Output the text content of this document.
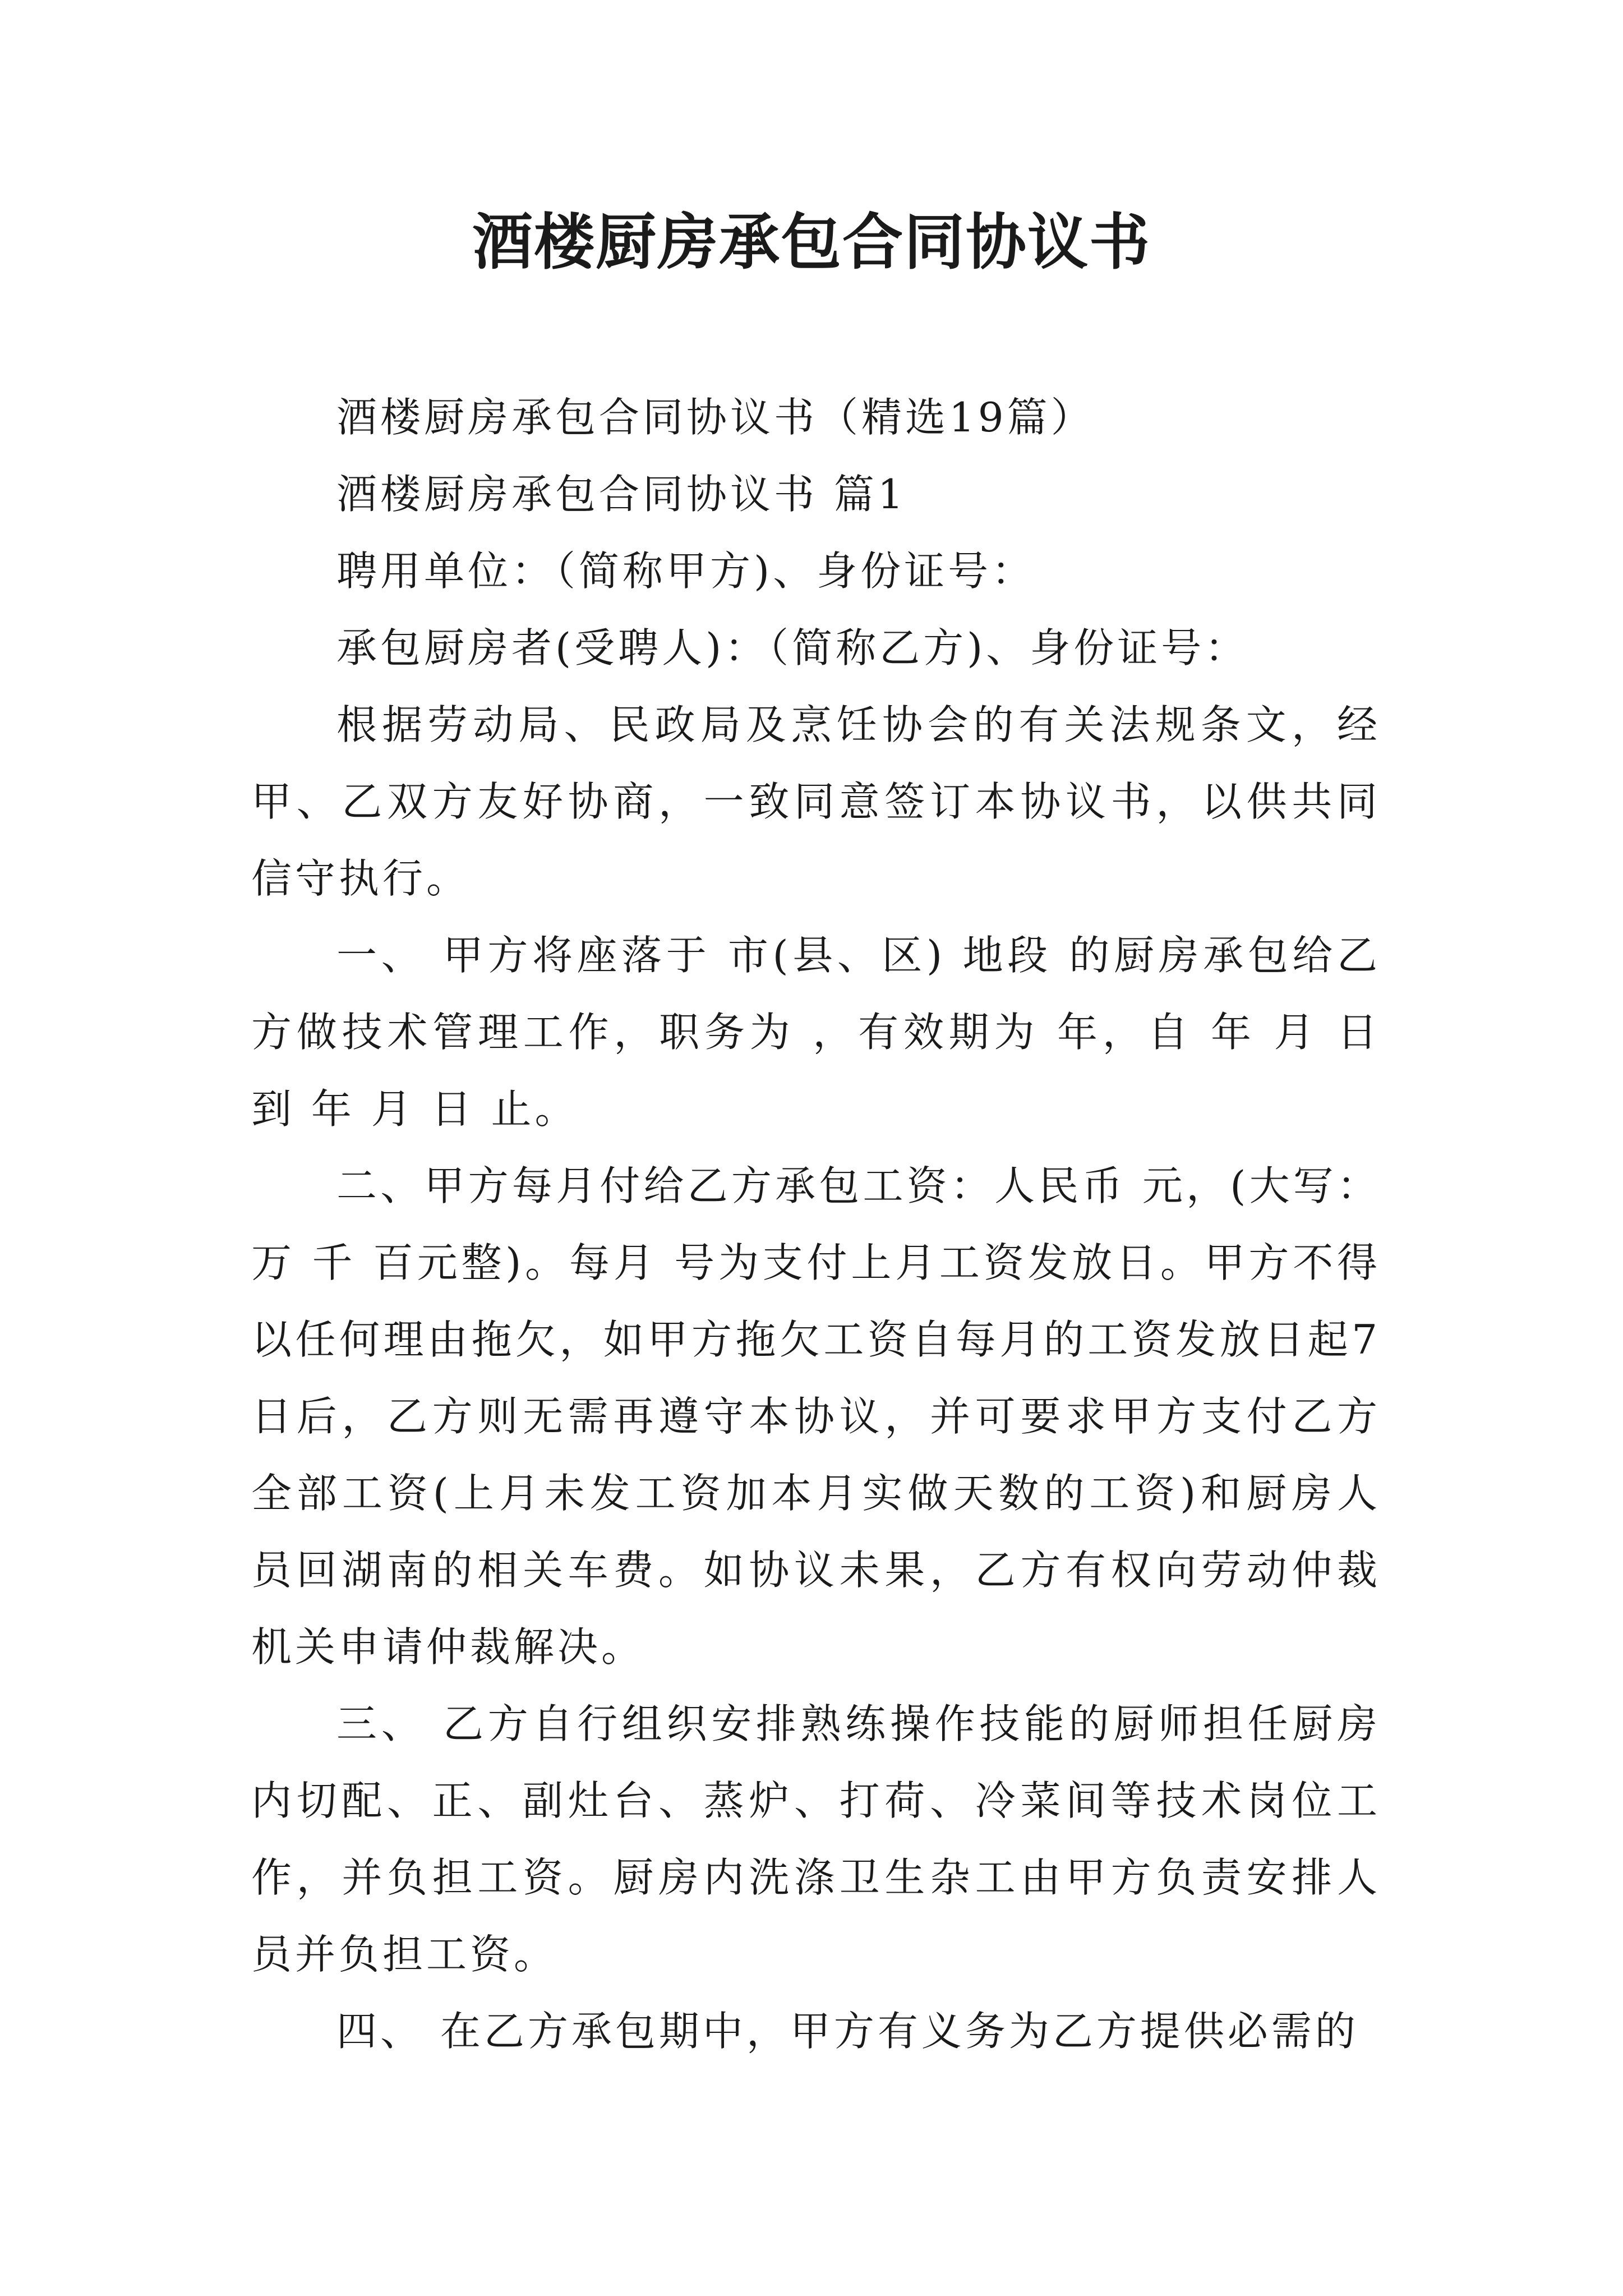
酒楼厨房承包合同协议书

酒楼厨房承包合同协议书（精选19篇）

酒楼厨房承包合同协议书 篇1

聘用单位：（简称甲方)、身份证号：

承包厨房者(受聘人)：（简称乙方)、身份证号：

根据劳动局、民政局及烹饪协会的有关法规条文，经甲、乙双方友好协商，一致同意签订本协议书，以供共同信守执行。

一、 甲方将座落于 市(县、区) 地段 的厨房承包给乙方做技术管理工作，职务为 ，有效期为 年，自 年 月 日到 年 月 日 止。

二、甲方每月付给乙方承包工资：人民币 元，(大写：万 千 百元整)。每月 号为支付上月工资发放日。甲方不得以任何理由拖欠，如甲方拖欠工资自每月的工资发放日起7日后，乙方则无需再遵守本协议，并可要求甲方支付乙方全部工资(上月未发工资加本月实做天数的工资)和厨房人员回湖南的相关车费。如协议未果，乙方有权向劳动仲裁机关申请仲裁解决。

三、 乙方自行组织安排熟练操作技能的厨师担任厨房内切配、正、副灶台、蒸炉、打荷、冷菜间等技术岗位工作，并负担工资。厨房内洗涤卫生杂工由甲方负责安排人员并负担工资。

四、 在乙方承包期中，甲方有义务为乙方提供必需的
